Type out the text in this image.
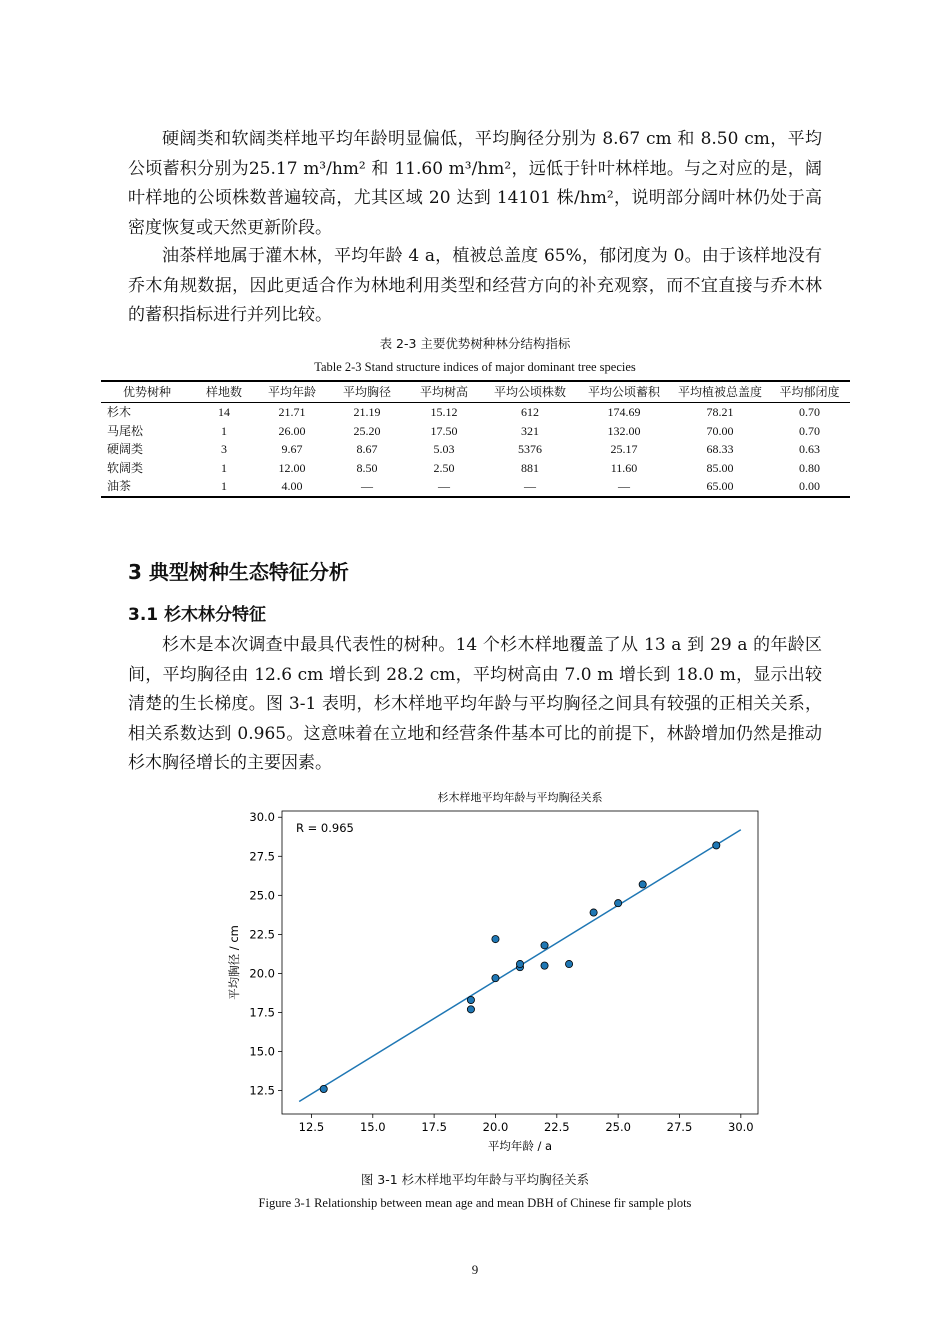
硬阔类和软阔类样地平均年龄明显偏低，平均胸径分别为 8.67 cm 和 8.50 cm，平均公顷蓄积分别为25.17 m³/hm² 和 11.60 m³/hm²，远低于针叶林样地。与之对应的是，阔叶样地的公顷株数普遍较高，尤其区域 20 达到 14101 株/hm²，说明部分阔叶林仍处于高密度恢复或天然更新阶段。

油茶样地属于灌木林，平均年龄 4 a，植被总盖度 65%，郁闭度为 0。由于该样地没有乔木角规数据，因此更适合作为林地利用类型和经营方向的补充观察，而不宜直接与乔木林的蓄积指标进行并列比较。

表 2-3 主要优势树种林分结构指标
Table 2-3 Stand structure indices of major dominant tree species
优势树种	样地数	平均年龄	平均胸径	平均树高	平均公顷株数	平均公顷蓄积	平均植被总盖度	平均郁闭度
杉木	14	21.71	21.19	15.12	612	174.69	78.21	0.70
马尾松	1	26.00	25.20	17.50	321	132.00	70.00	0.70
硬阔类	3	9.67	8.67	5.03	5376	25.17	68.33	0.63
软阔类	1	12.00	8.50	2.50	881	11.60	85.00	0.80
油茶	1	4.00	—	—	—	—	65.00	0.00
3 典型树种生态特征分析
3.1 杉木林分特征

杉木是本次调查中最具代表性的树种。14 个杉木样地覆盖了从 13 a 到 29 a 的年龄区间，平均胸径由 12.6 cm 增长到 28.2 cm，平均树高由 7.0 m 增长到 18.0 m，显示出较清楚的生长梯度。图 3-1 表明，杉木样地平均年龄与平均胸径之间具有较强的正相关关系，相关系数达到 0.965。这意味着在立地和经营条件基本可比的前提下，林龄增加仍然是推动杉木胸径增长的主要因素。

杉木样地平均年龄与平均胸径关系
12.5	15.0	17.5	20.0	22.5	25.0	27.5	30.0
12.5
15.0
17.5
20.0
22.5
25.0
27.5
30.0
平均年龄 / a
平均胸径 / cm
R = 0.965
图 3-1 杉木样地平均年龄与平均胸径关系
Figure 3-1 Relationship between mean age and mean DBH of Chinese fir sample plots
9
